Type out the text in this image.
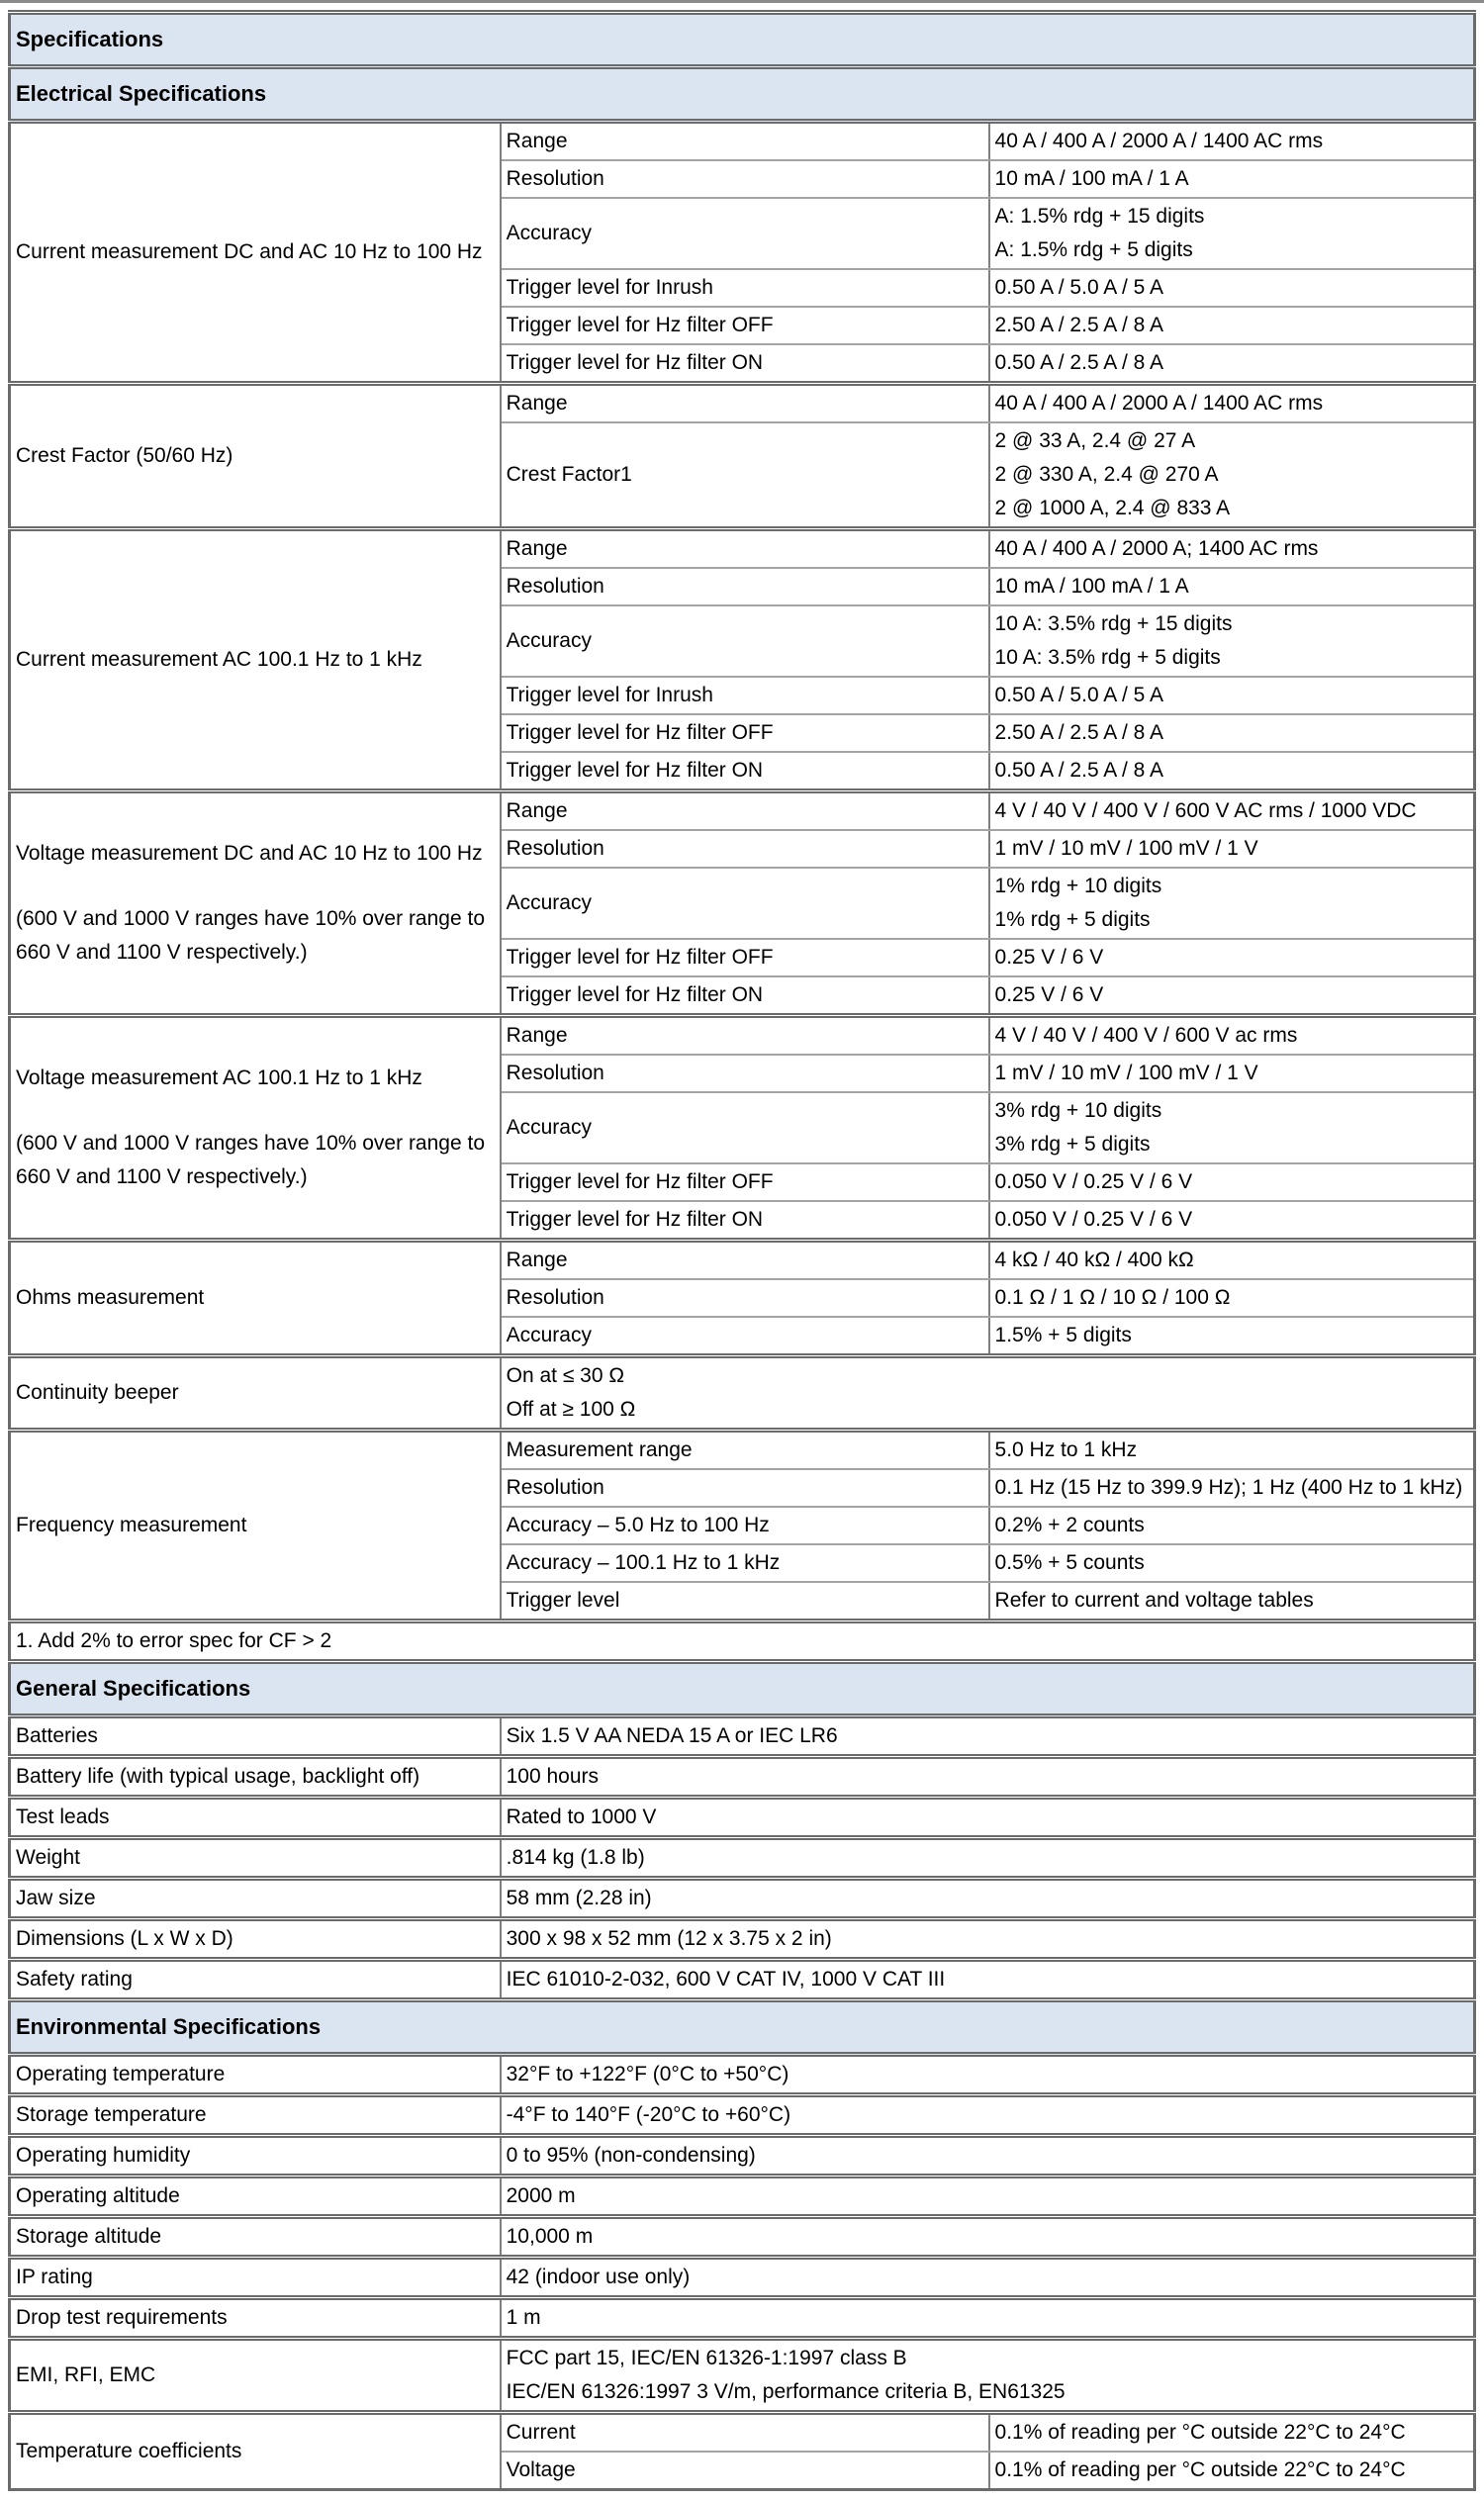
Specifications		

Electrical Specifications		

Current measurement DC and AC 10 Hz to 100 Hz	Range	40 A / 400 A / 2000 A / 1400 AC rms

	Resolution	10 mA / 100 mA / 1 A

	Accuracy	A: 1.5% rdg + 15 digits

A: 1.5% rdg + 5 digits

	Trigger level for Inrush	0.50 A / 5.0 A / 5 A

	Trigger level for Hz filter OFF	2.50 A / 2.5 A / 8 A

	Trigger level for Hz filter ON	0.50 A / 2.5 A / 8 A

Crest Factor (50/60 Hz)	Range	40 A / 400 A / 2000 A / 1400 AC rms

	Crest Factor1	2 @ 33 A, 2.4 @ 27 A

2 @ 330 A, 2.4 @ 270 A

2 @ 1000 A, 2.4 @ 833 A

Current measurement AC 100.1 Hz to 1 kHz	Range	40 A / 400 A / 2000 A; 1400 AC rms

	Resolution	10 mA / 100 mA / 1 A

	Accuracy	10 A: 3.5% rdg + 15 digits

10 A: 3.5% rdg + 5 digits

	Trigger level for Inrush	0.50 A / 5.0 A / 5 A

	Trigger level for Hz filter OFF	2.50 A / 2.5 A / 8 A

	Trigger level for Hz filter ON	0.50 A / 2.5 A / 8 A

Voltage measurement DC and AC 10 Hz to 100 Hz

(600 V and 1000 V ranges have 10% over range to 660 V and 1100 V respectively.)	Range	4 V / 40 V / 400 V / 600 V AC rms / 1000 VDC

	Resolution	1 mV / 10 mV / 100 mV / 1 V

	Accuracy	1% rdg + 10 digits

1% rdg + 5 digits

	Trigger level for Hz filter OFF	0.25 V / 6 V

	Trigger level for Hz filter ON	0.25 V / 6 V

Voltage measurement AC 100.1 Hz to 1 kHz

(600 V and 1000 V ranges have 10% over range to 660 V and 1100 V respectively.)	Range	4 V / 40 V / 400 V / 600 V ac rms

	Resolution	1 mV / 10 mV / 100 mV / 1 V

	Accuracy	3% rdg + 10 digits

3% rdg + 5 digits

	Trigger level for Hz filter OFF	0.050 V / 0.25 V / 6 V

	Trigger level for Hz filter ON	0.050 V / 0.25 V / 6 V

Ohms measurement	Range	4 kΩ / 40 kΩ / 400 kΩ

	Resolution	0.1 Ω / 1 Ω / 10 Ω / 100 Ω

	Accuracy	1.5% + 5 digits

Continuity beeper	On at ≤ 30 Ω

Off at ≥ 100 Ω	

Frequency measurement	Measurement range	5.0 Hz to 1 kHz

	Resolution	0.1 Hz (15 Hz to 399.9 Hz); 1 Hz (400 Hz to 1 kHz)

	Accuracy – 5.0 Hz to 100 Hz	0.2% + 2 counts

	Accuracy – 100.1 Hz to 1 kHz	0.5% + 5 counts

	Trigger level	Refer to current and voltage tables

1. Add 2% to error spec for CF > 2		

General Specifications		

Batteries	Six 1.5 V AA NEDA 15 A or IEC LR6	

Battery life (with typical usage, backlight off)	100 hours	

Test leads	Rated to 1000 V	

Weight	.814 kg (1.8 lb)	

Jaw size	58 mm (2.28 in)	

Dimensions (L x W x D)	300 x 98 x 52 mm (12 x 3.75 x 2 in)	

Safety rating	IEC 61010-2-032, 600 V CAT IV, 1000 V CAT III	

Environmental Specifications		

Operating temperature	32°F to +122°F (0°C to +50°C)	

Storage temperature	-4°F to 140°F (-20°C to +60°C)	

Operating humidity	0 to 95% (non-condensing)	

Operating altitude	2000 m	

Storage altitude	10,000 m	

IP rating	42 (indoor use only)	

Drop test requirements	1 m	

EMI, RFI, EMC	FCC part 15, IEC/EN 61326-1:1997 class B

IEC/EN 61326:1997 3 V/m, performance criteria B, EN61325	

Temperature coefficients	Current	0.1% of reading per °C outside 22°C to 24°C

	Voltage	0.1% of reading per °C outside 22°C to 24°C
